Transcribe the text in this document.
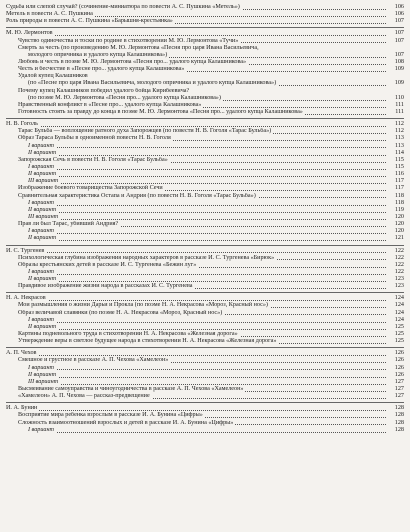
Судьба или слепой случай? (сочинение-миниатюра по повести А. С. Пушкина «Метель»)	106
Метель в повести А. С. Пушкина	106
Роль природы в повести А. С. Пушкина «Барышня-крестьянка»	107
М. Ю. Лермонтов	107
Чувство одиночества и тоски по родине в стихотворении М. Ю. Лермонтова «Тучи»	107
Смерть за честь (по произведению М. Ю. Лермонтова «Песня про царя Ивана Васильевича,
молодого опричника и удалого купца Калашникова»)	107
Любовь и честь в поэме М. Ю. Лермонтова «Песня про... удалого купца Калашникова»	108
Честь и бесчестие в «Песне про... удалого купца Калашникова»	109
Удалой купец Калашников
(по «Песне про царя Ивана Васильевича, молодого опричника и удалого купца Калашникова»)	109
Почему купец Калашников победил удалого бойца Кирибеевича?
(по поэме М. Ю. Лермонтова «Песня про... удалого купца Калашникова»)	110
Нравственный конфликт в «Песне про... удалого купца Калашникова»	111
Готовность стоять за правду до конца в поэме М. Ю. Лермонтова «Песня про... удалого купца Калашникова»	111
Н. В. Гоголь	112
Тарас Бульба — воплощение ратного духа Запорожцев (по повести Н. В. Гоголя «Тарас Бульба»)	112
Образ Тараса Бульбы в одноименной повести Н. В. Гоголя	113
I вариант	113
II вариант	114
Запорожская Сечь в повести Н. В. Гоголя «Тарас Бульба»	115
I вариант	115
II вариант	116
III вариант	117
Изображение боевого товарищества Запорожской Сечи	117
Сравнительная характеристика Остапа и Андрия (по повести Н. В. Гоголя «Тарас Бульба»)	118
I вариант	118
II вариант	119
III вариант	120
Прав ли был Тарас, убивший Андрия?	120
I вариант	120
II вариант	121
И. С. Тургенев	122
Психологическая глубина изображения народных характеров в рассказе И. С. Тургенева «Бирюк»	122
Образы крестьянских детей в рассказе И. С. Тургенева «Бежин луг»	122
I вариант	122
II вариант	123
Правдивое изображение жизни народа в рассказах И. С. Тургенева	123
Н. А. Некрасов	124
Мои размышления о жизни Дарьи и Прокла (по поэме Н. А. Некрасова «Мороз, Красный нос»)	124
Образ величавой славянки (по поэме Н. А. Некрасова «Мороз, Красный нос»)	124
I вариант	124
II вариант	125
Картины подневольного труда в стихотворении Н. А. Некрасова «Железная дорога»	125
Утверждение веры в светлое будущее народа в стихотворении Н. А. Некрасова «Железная дорога»	125
А. П. Чехов	126
Смешное и грустное в рассказе А. П. Чехова «Хамелеон»	126
I вариант	126
II вариант	126
III вариант	127
Высмеивание самоуправства и чиноугодничества в рассказе А. П. Чехова «Хамелеон»	127
«Хамелеон» А. П. Чехова — рассказ-предвещение	127
И. А. Бунин	128
Восприятие мира ребенка взрослым в рассказе И. А. Бунина «Цифры»	128
Сложность взаимоотношений взрослых и детей в рассказе И. А. Бунина «Цифры»	128
I вариант	128
